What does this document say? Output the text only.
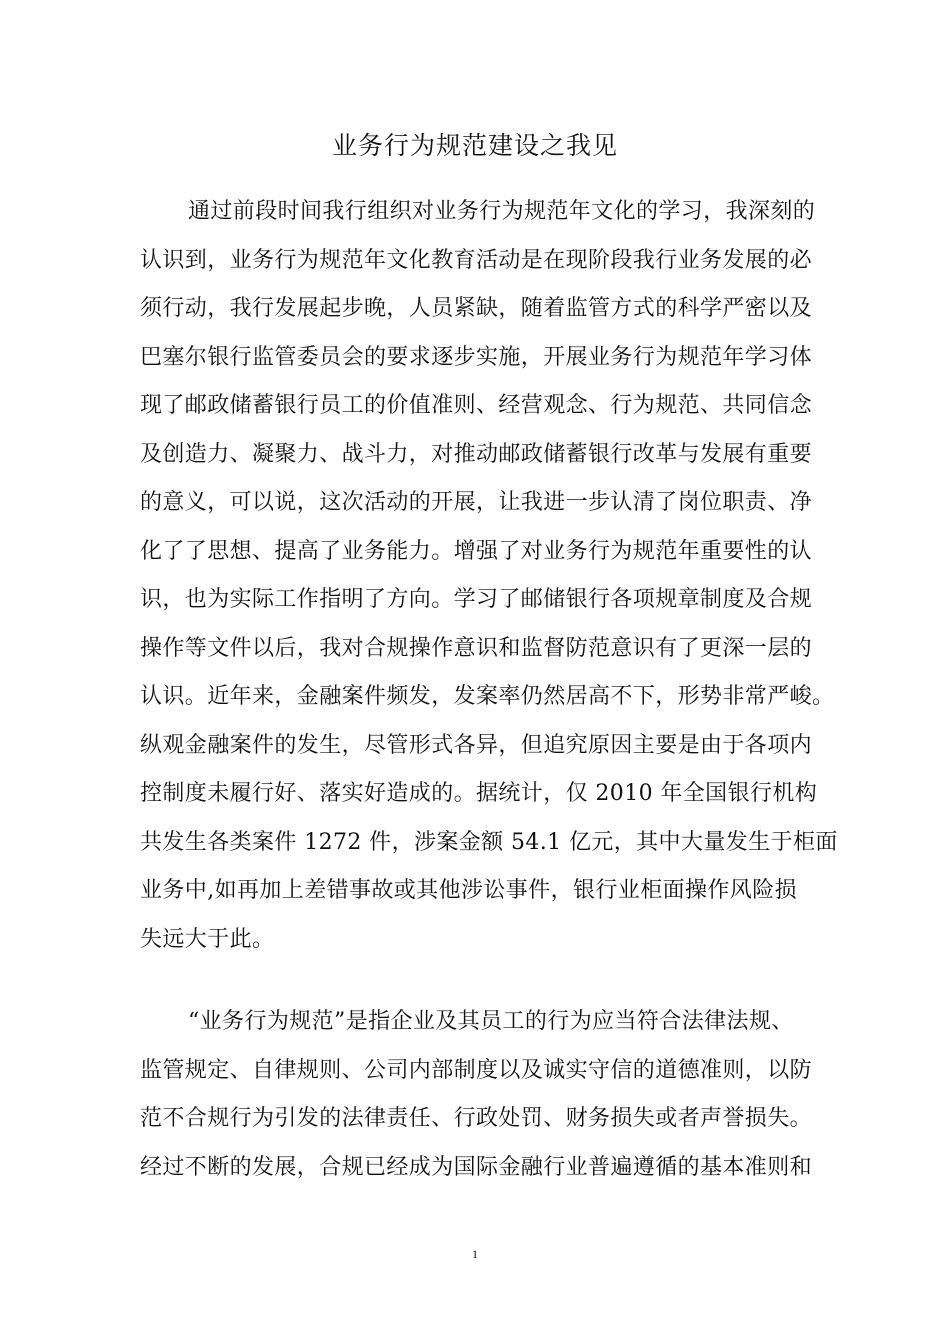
业务行为规范建设之我见
通过前段时间我行组织对业务行为规范年文化的学习，我深刻的
认识到，业务行为规范年文化教育活动是在现阶段我行业务发展的必
须行动，我行发展起步晚，人员紧缺，随着监管方式的科学严密以及
巴塞尔银行监管委员会的要求逐步实施，开展业务行为规范年学习体
现了邮政储蓄银行员工的价值准则、经营观念、行为规范、共同信念
及创造力、凝聚力、战斗力，对推动邮政储蓄银行改革与发展有重要
的意义，可以说，这次活动的开展，让我进一步认清了岗位职责、净
化了了思想、提高了业务能力。增强了对业务行为规范年重要性的认
识，也为实际工作指明了方向。学习了邮储银行各项规章制度及合规
操作等文件以后，我对合规操作意识和监督防范意识有了更深一层的
认识。近年来，金融案件频发，发案率仍然居高不下，形势非常严峻。
纵观金融案件的发生，尽管形式各异，但追究原因主要是由于各项内
控制度未履行好、落实好造成的。据统计，仅 2010 年全国银行机构
共发生各类案件 1272 件，涉案金额 54.1 亿元，其中大量发生于柜面
业务中,如再加上差错事故或其他涉讼事件，银行业柜面操作风险损
失远大于此。
“业务行为规范”是指企业及其员工的行为应当符合法律法规、
监管规定、自律规则、公司内部制度以及诚实守信的道德准则，以防
范不合规行为引发的法律责任、行政处罚、财务损失或者声誉损失。
经过不断的发展，合规已经成为国际金融行业普遍遵循的基本准则和
1
